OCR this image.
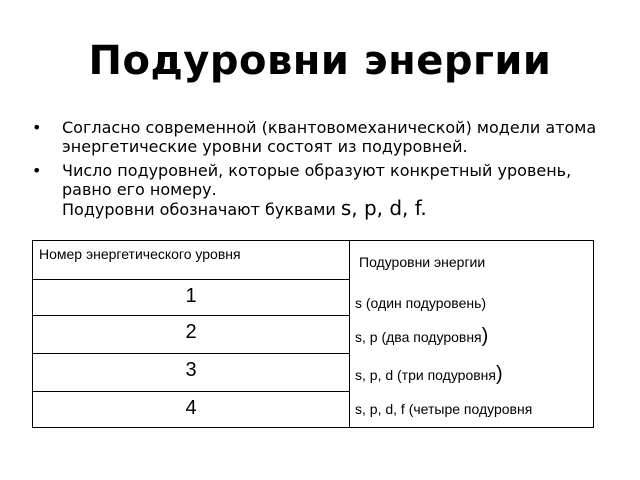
Подуровни энергии
• Согласно современной (квантовомеханической) модели атома энергетические уровни состоят из подуровней.
• Число подуровней, которые образуют конкретный уровень, равно его номеру.
Подуровни обозначают буквами s, p, d, f.
Номер энергетического уровня	Подуровни энергии
1
2
3
4
s (один подуровень)
s, p (два подуровня)
s, p, d (три подуровня)
s, p, d, f (четыре подуровня
